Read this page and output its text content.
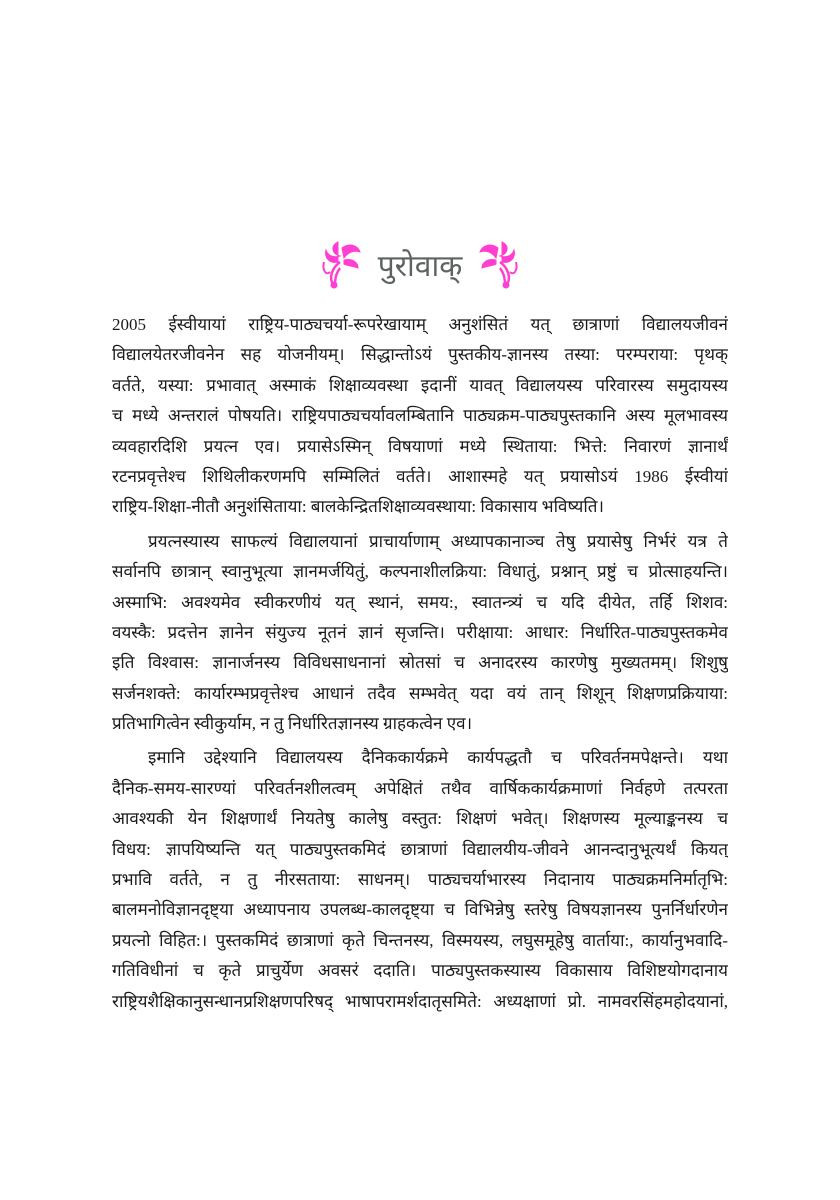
पुरोवाक्
2005 ईस्वीयायां राष्ट्रिय-पाठ्यचर्या-रूपरेखायाम् अनुशंसितं यत् छात्राणां विद्यालयजीवनं
विद्यालयेतरजीवनेन सह योजनीयम्। सिद्धान्तोऽयं पुस्तकीय-ज्ञानस्य तस्या: परम्पराया: पृथक्
वर्तते, यस्या: प्रभावात् अस्माकं शिक्षाव्यवस्था इदानीं यावत् विद्यालयस्य परिवारस्य समुदायस्य
च मध्ये अन्तरालं पोषयति। राष्ट्रियपाठ्यचर्यावलम्बितानि पाठ्यक्रम-पाठ्यपुस्तकानि अस्य मूलभावस्य
व्यवहारदिशि प्रयत्न एव। प्रयासेऽस्मिन् विषयाणां मध्ये स्थिताया: भित्ते: निवारणं ज्ञानार्थं
रटनप्रवृत्तेश्च शिथिलीकरणमपि सम्मिलितं वर्तते। आशास्महे यत् प्रयासोऽयं 1986 ईस्वीयां
राष्ट्रिय-शिक्षा-नीतौ अनुशंसिताया: बालकेन्द्रितशिक्षाव्यवस्थाया: विकासाय भविष्यति।
प्रयत्नस्यास्य साफल्यं विद्यालयानां प्राचार्याणाम् अध्यापकानाञ्च तेषु प्रयासेषु निर्भरं यत्र ते
सर्वानपि छात्रान् स्वानुभूत्या ज्ञानमर्जयितुं, कल्पनाशीलक्रिया: विधातुं, प्रश्नान् प्रष्टुं च प्रोत्साहयन्ति।
अस्माभि: अवश्यमेव स्वीकरणीयं यत् स्थानं, समय:, स्वातन्त्र्यं च यदि दीयेत, तर्हि शिशव:
वयस्कै: प्रदत्तेन ज्ञानेन संयुज्य नूतनं ज्ञानं सृजन्ति। परीक्षाया: आधार: निर्धारित-पाठ्यपुस्तकमेव
इति विश्वास: ज्ञानार्जनस्य विविधसाधनानां स्रोतसां च अनादरस्य कारणेषु मुख्यतमम्। शिशुषु
सर्जनशक्ते: कार्यारम्भप्रवृत्तेश्च आधानं तदैव सम्भवेत् यदा वयं तान् शिशून् शिक्षणप्रक्रियाया:
प्रतिभागित्वेन स्वीकुर्याम, न तु निर्धारितज्ञानस्य ग्राहकत्वेन एव।
इमानि उद्देश्यानि विद्यालयस्य दैनिककार्यक्रमे कार्यपद्धतौ च परिवर्तनमपेक्षन्ते। यथा
दैनिक-समय-सारण्यां परिवर्तनशीलत्वम् अपेक्षितं तथैव वार्षिककार्यक्रमाणां निर्वहणे तत्परता
आवश्यकी येन शिक्षणार्थं नियतेषु कालेषु वस्तुत: शिक्षणं भवेत्। शिक्षणस्य मूल्याङ्कनस्य च
विधय: ज्ञापयिष्यन्ति यत् पाठ्यपुस्तकमिदं छात्राणां विद्यालयीय-जीवने आनन्दानुभूत्यर्थं कियत्
प्रभावि वर्तते, न तु नीरसताया: साधनम्। पाठ्यचर्याभारस्य निदानाय पाठ्यक्रमनिर्मातृभि:
बालमनोविज्ञानदृष्ट्या अध्यापनाय उपलब्ध-कालदृष्ट्या च विभिन्नेषु स्तरेषु विषयज्ञानस्य पुनर्निर्धारणेन
प्रयत्नो विहित:। पुस्तकमिदं छात्राणां कृते चिन्तनस्य, विस्मयस्य, लघुसमूहेषु वार्ताया:, कार्यानुभवादि-
गतिविधीनां च कृते प्राचुर्येण अवसरं ददाति। पाठ्यपुस्तकस्यास्य विकासाय विशिष्टयोगदानाय
राष्ट्रियशैक्षिकानुसन्धानप्रशिक्षणपरिषद् भाषापरामर्शदातृसमिते: अध्यक्षाणां प्रो. नामवरसिंहमहोदयानां,
